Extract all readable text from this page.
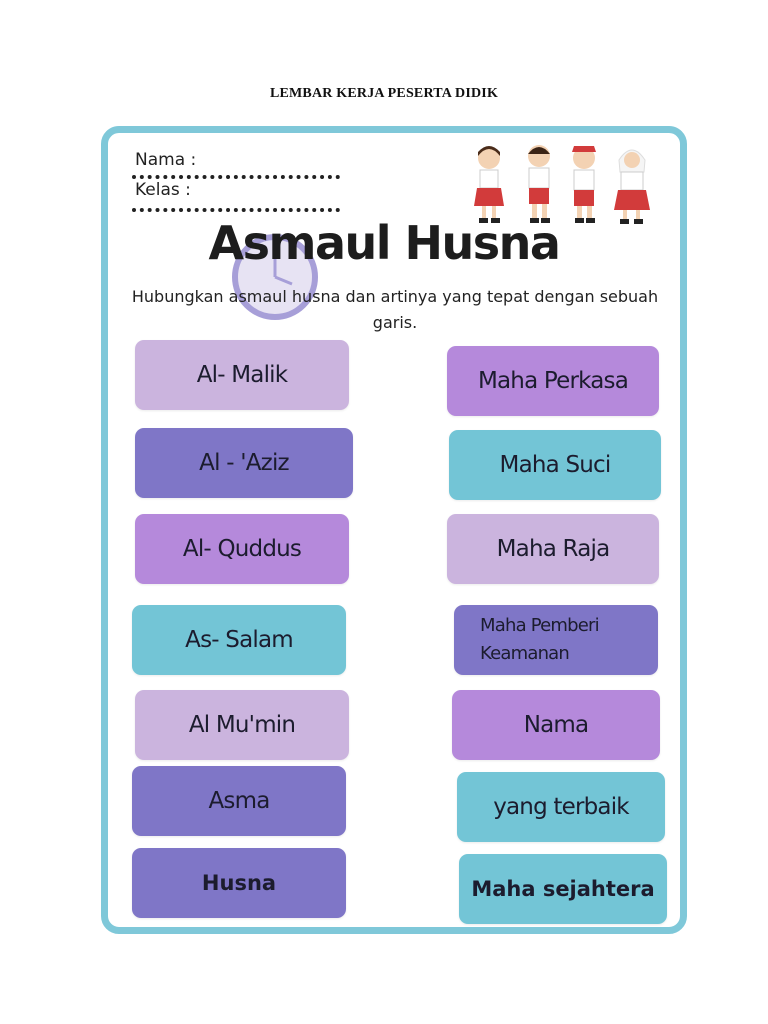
LEMBAR KERJA PESERTA DIDIK
Nama :
Kelas :
Asmaul Husna
Hubungkan asmaul husna dan artinya yang tepat dengan sebuah garis.
Al- Malik
Al - 'Aziz
Al- Quddus
As- Salam
Al Mu'min
Asma
Husna
Maha Perkasa
Maha Suci
Maha Raja
Maha Pemberi Keamanan
Nama
yang terbaik
Maha sejahtera
